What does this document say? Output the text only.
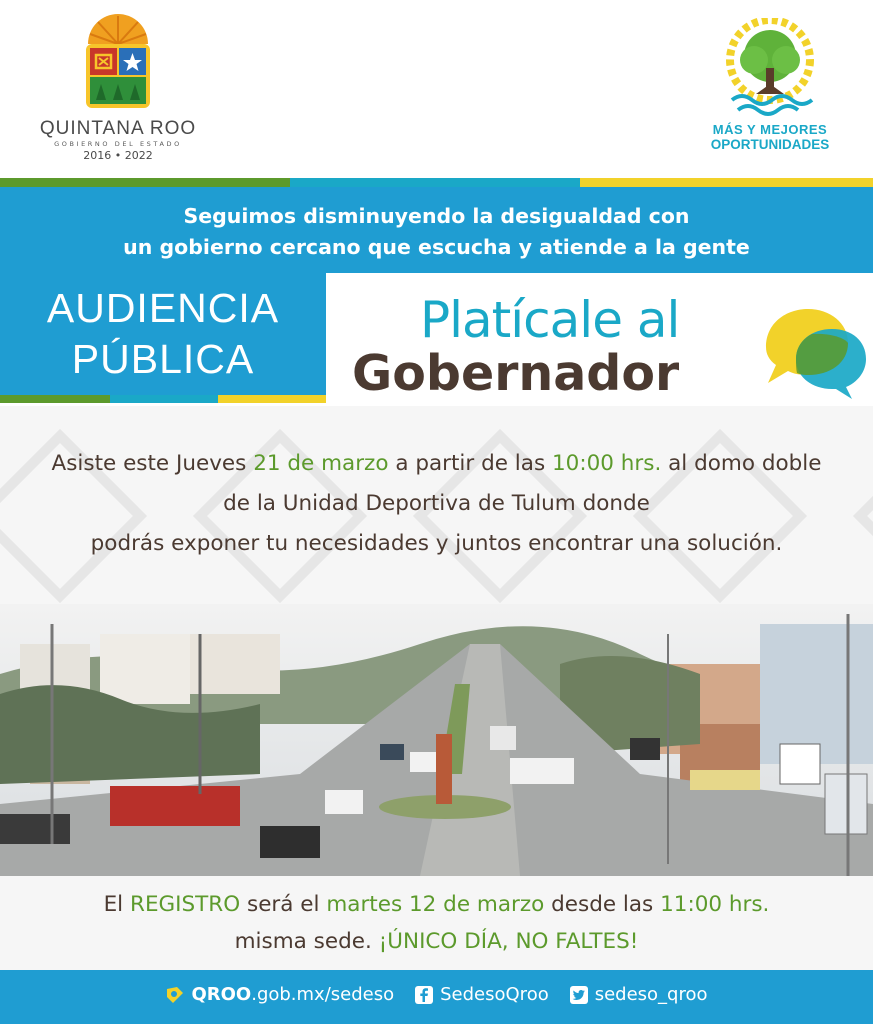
QUINTANA ROO
GOBIERNO DEL ESTADO
2016 • 2022
MÁS Y MEJORES
OPORTUNIDADES
Seguimos disminuyendo la desigualdad con
un gobierno cercano que escucha y atiende a la gente
AUDIENCIA
PÚBLICA
Platícale al
Gobernador
Asiste este Jueves 21 de marzo a partir de las 10:00 hrs. al domo doble
de la Unidad Deportiva de Tulum donde
podrás exponer tu necesidades y juntos encontrar una solución.
El REGISTRO será el martes 12 de marzo desde las 11:00 hrs.
misma sede. ¡ÚNICO DÍA, NO FALTES!
QROO .gob.mx/sedeso	SedesoQroo	sedeso_qroo
